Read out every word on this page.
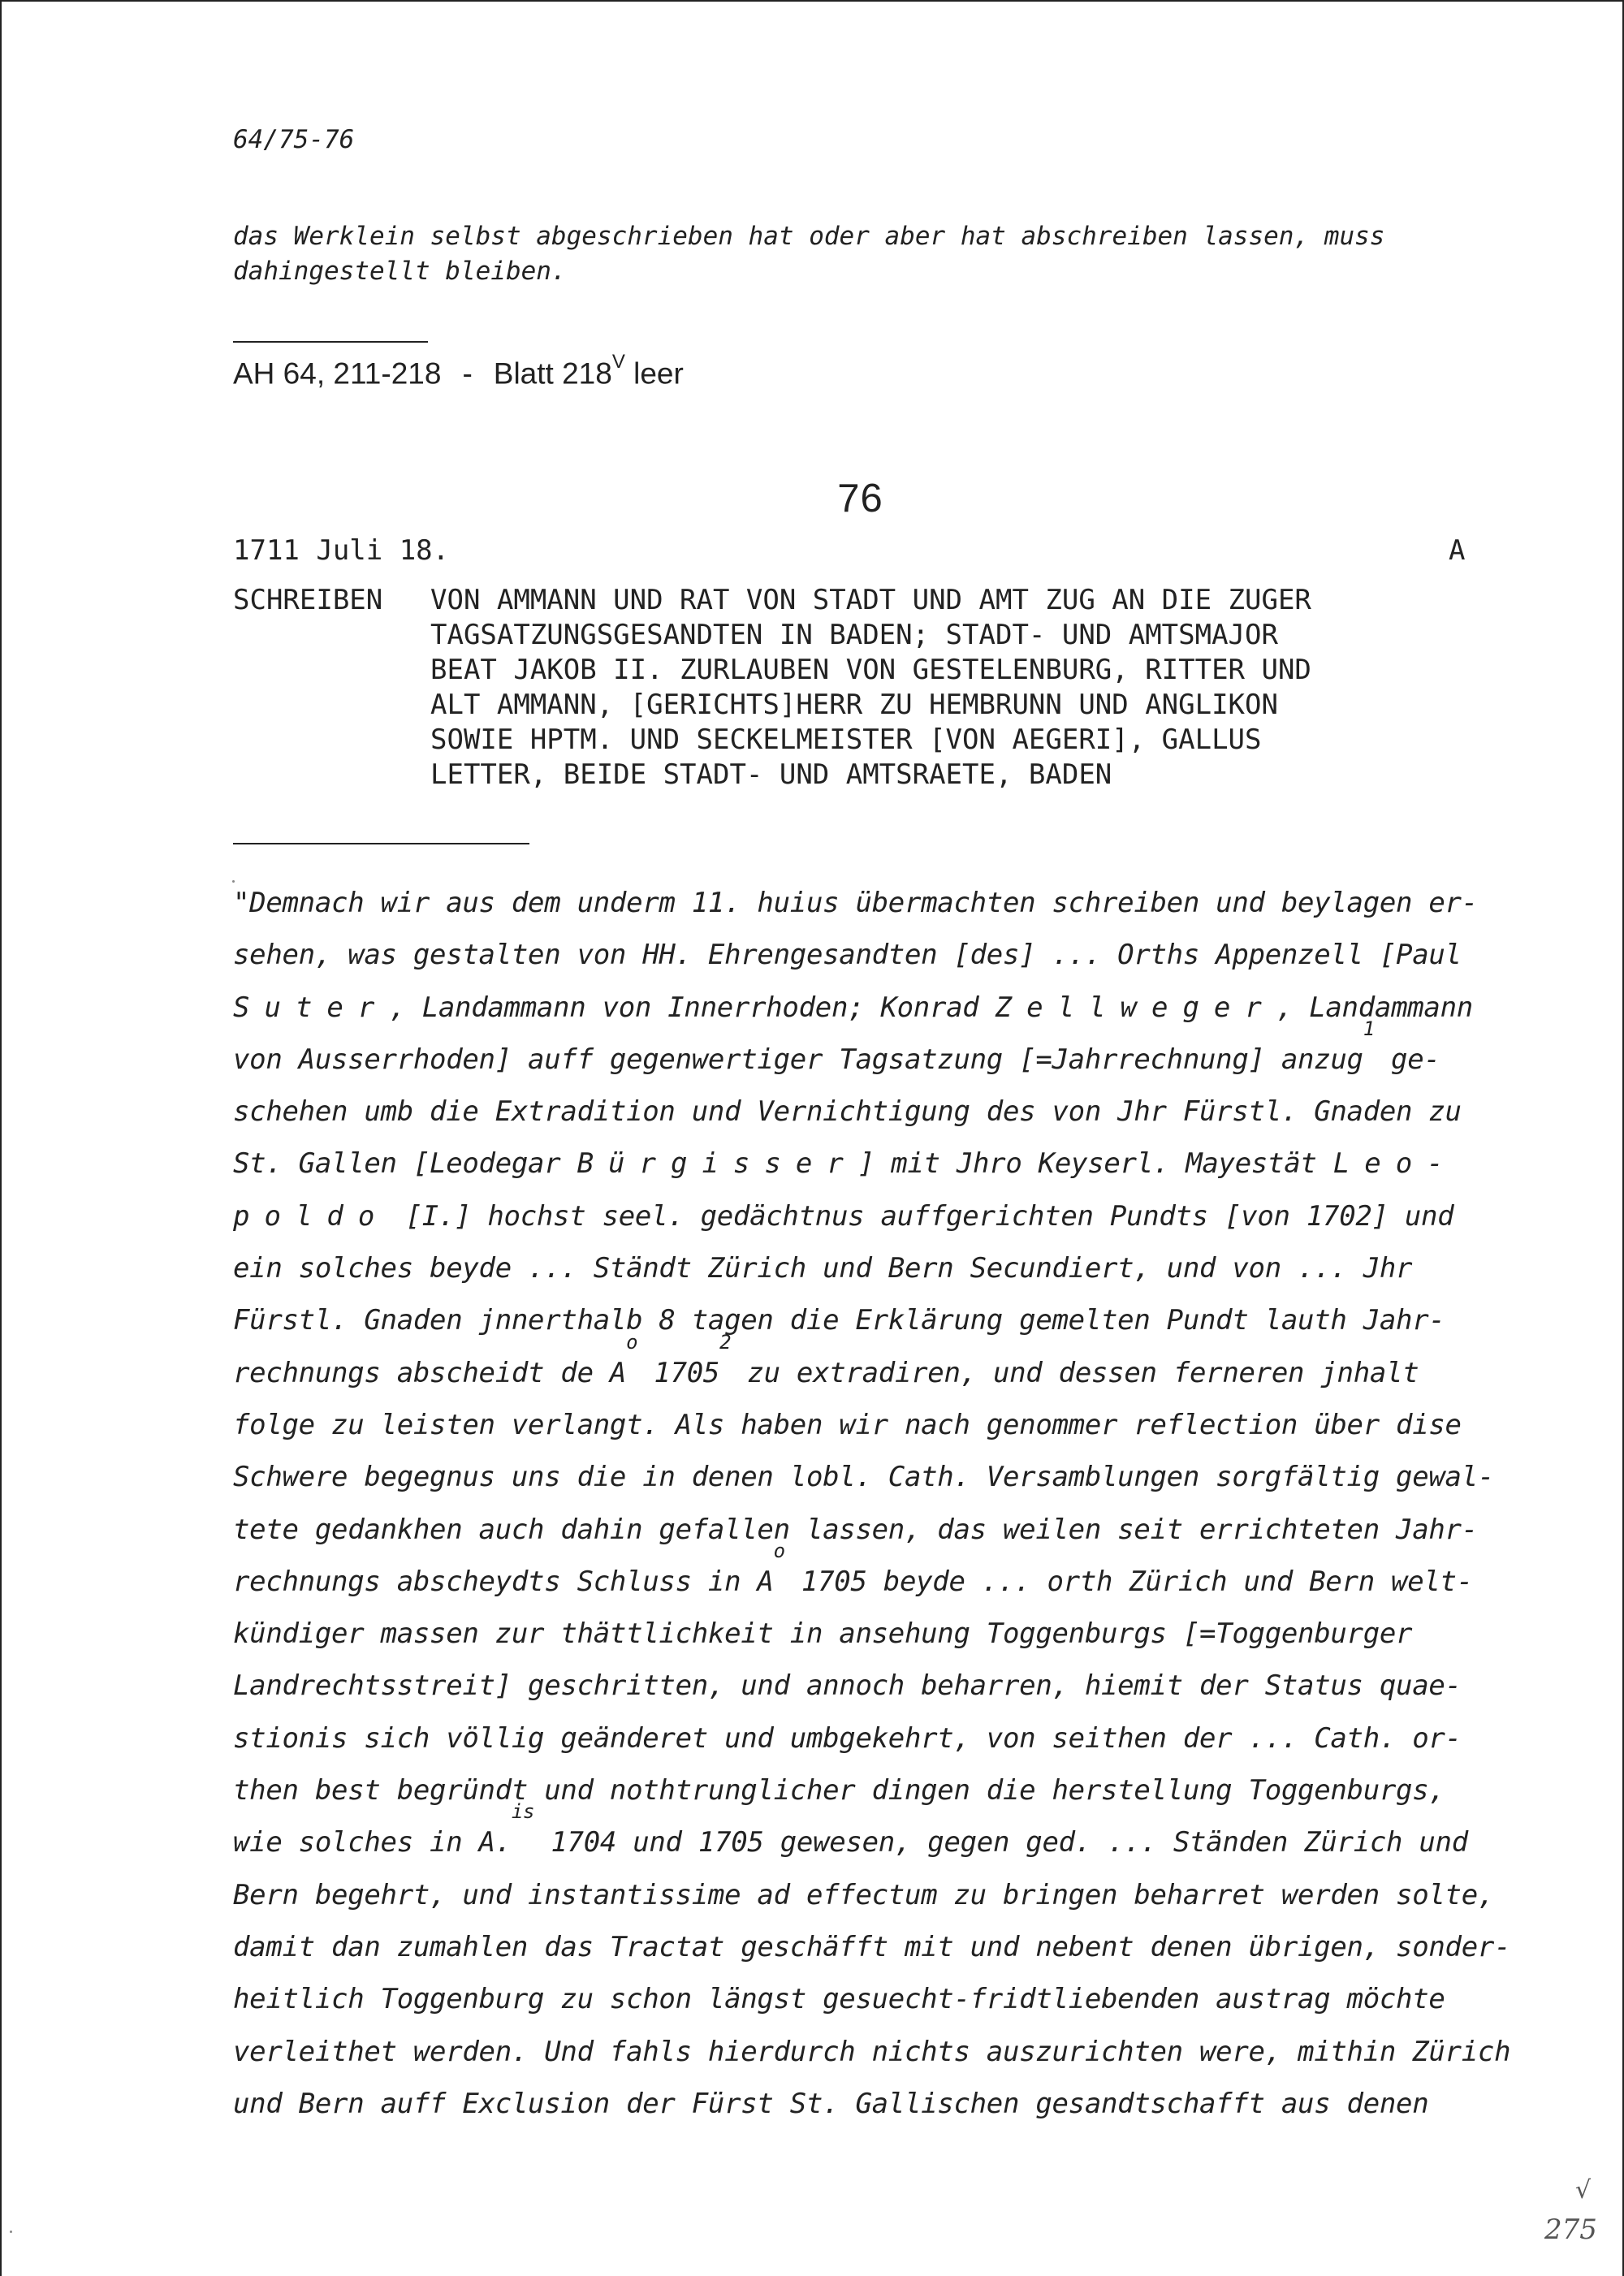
64/75-76
das Werklein selbst abgeschrieben hat oder aber hat abschreiben lassen, muss
dahingestellt bleiben.
AH 64, 211-218 - Blatt $218^V$ leer
76
1711 Juli 18.	A
SCHREIBEN VON AMMANN UND RAT VON STADT UND AMT ZUG AN DIE ZUGER
TAGSATZUNGSGESANDTEN IN BADEN; STADT- UND AMTSMAJOR
BEAT JAKOB II. ZURLAUBEN VON GESTELENBURG, RITTER UND
ALT AMMANN, [GERICHTS]HERR ZU HEMBRUNN UND ANGLIKON
SOWIE HPTM. UND SECKELMEISTER [VON AEGERI], GALLUS
LETTER, BEIDE STADT- UND AMTSRAETE, BADEN
"Demnach wir aus dem underm 11. huius übermachten schreiben und beylagen er-
sehen, was gestalten von HH. Ehrengesandten [des] ... Orths Appenzell [Paul
Suter, Landammann von Innerrhoden; Konrad Zellweger, Landammann
von Ausserrhoden] auff gegenwertiger Tagsatzung [=Jahrrechnung] anzug$^1$ ge-
schehen umb die Extradition und Vernichtigung des von Jhr Fürstl. Gnaden zu
St. Gallen [Leodegar Bürgisser] mit Jhro Keyserl. Mayestät Leo-
poldo [I.] hochst seel. gedächtnus auffgerichten Pundts [von 1702] und
ein solches beyde ... Ständt Zürich und Bern Secundiert, und von ... Jhr
Fürstl. Gnaden jnnerthalb 8 tagen die Erklärung gemelten Pundt lauth Jahr-
rechnungs abscheidt de $A^o$ 1705$^2$ zu extradiren, und dessen ferneren jnhalt
folge zu leisten verlangt. Als haben wir nach genommer reflection über dise
Schwere begegnus uns die in denen lobl. Cath. Versamblungen sorgfältig gewal-
tete gedankhen auch dahin gefallen lassen, das weilen seit errichteten Jahr-
rechnungs abscheydts Schluss in $A^o$ 1705 beyde ... orth Zürich und Bern welt-
kündiger massen zur thättlichkeit in ansehung Toggenburgs [=Toggenburger
Landrechtsstreit] geschritten, und annoch beharren, hiemit der Status quae-
stionis sich völlig geänderet und umbgekehrt, von seithen der ... Cath. or-
then best begründt und nothtrunglicher dingen die herstellung Toggenburgs,
wie solches in A.$^{is}$ 1704 und 1705 gewesen, gegen ged. ... Ständen Zürich und
Bern begehrt, und instantissime ad effectum zu bringen beharret werden solte,
damit dan zumahlen das Tractat geschäfft mit und nebent denen übrigen, sonder-
heitlich Toggenburg zu schon längst gesuecht-fridtliebenden austrag möchte
verleithet werden. Und fahls hierdurch nichts auszurichten were, mithin Zürich
und Bern auff Exclusion der Fürst St. Gallischen gesandtschafft aus denen
√
275
